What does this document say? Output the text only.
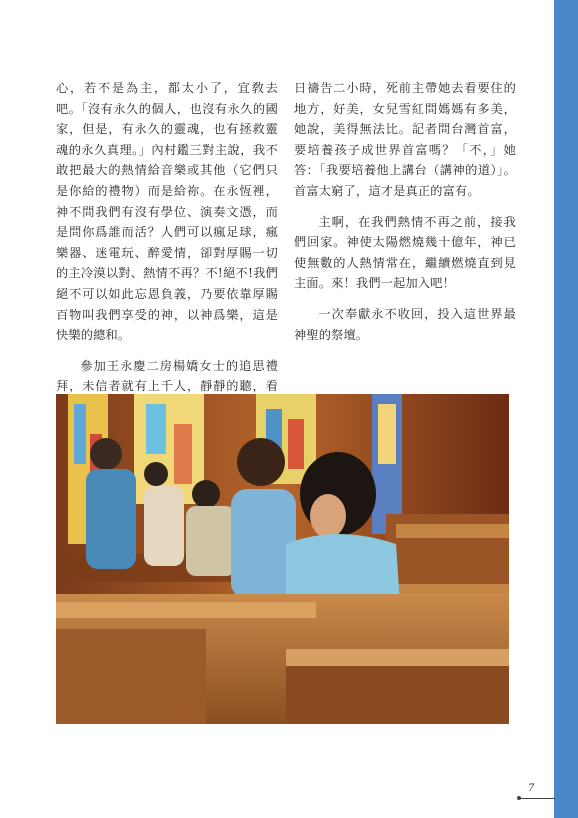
心，若不是為主，都太小了，宜敎去吧。「沒有永久的個人，也沒有永久的國家，但是，有永久的靈魂，也有拯救靈魂的永久真理。」內村鑑三對主說，我不敢把最大的熱情給音樂或其他（它們只是你給的禮物）而是給祢。在永恆裡，神不問我們有沒有學位、演奏文憑，而是問你爲誰而活？人們可以瘋足球，瘋樂器、迷電玩、醉愛情，卻對厚賜一切的主冷漠以對、熱情不再？不!絕不!我們絕不可以如此忘恩負義，乃要依靠厚賜百物叫我們享受的神，以神爲樂，這是快樂的總和。

參加王永慶二房楊嬌女士的追思禮拜，未信者就有上千人，靜靜的聽，看

日禱告二小時，死前主帶她去看要住的地方，好美，女兒雪紅問媽媽有多美，她說，美得無法比。記者問台灣首富，要培養孩子成世界首富嗎？「不，」她答：「我要培養他上講台（講神的道）」。首富太窮了，這才是真正的富有。

主啊，在我們熱情不再之前，接我們回家。神使太陽燃燒幾十億年，神已使無數的人熱情常在，繼續燃燒直到見主面。來！我們一起加入吧！

一次奉獻永不收回，投入這世界最神聖的祭壇。

7
